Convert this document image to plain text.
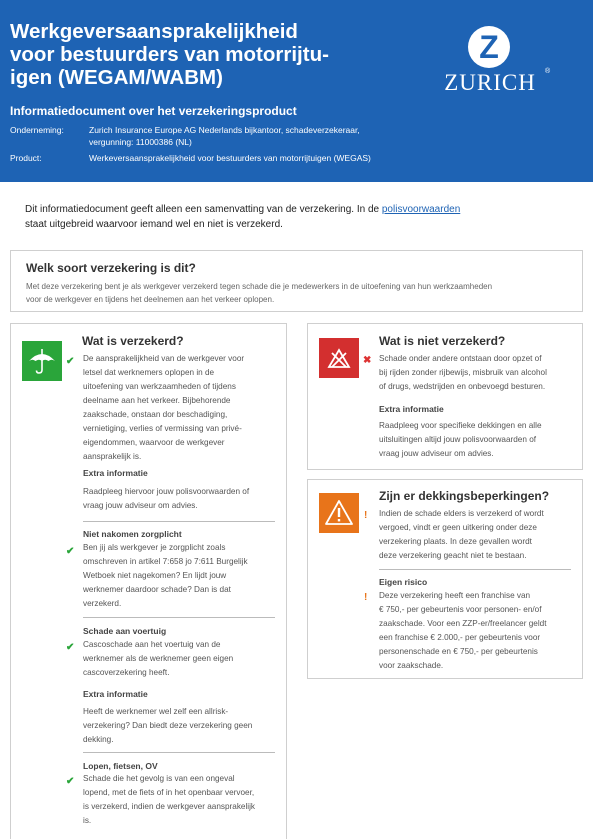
Werkgeversaansprakelijkheid
voor bestuurders van motorrijtu-
igen (WEGAM/WABM)
Informatiedocument over het verzekeringsproduct
Onderneming:	Zurich Insurance Europe AG Nederlands bijkantoor, schadeverzekeraar,
vergunning: 11000386 (NL)
Product:	Werkeversaansprakelijkheid voor bestuurders van motorrijtuigen (WEGAS)
Z
ZURICH	®
Dit informatiedocument geeft alleen een samenvatting van de verzekering. In de polisvoorwaarden
staat uitgebreid waarvoor iemand wel en niet is verzekerd.
Welk soort verzekering is dit?
Met deze verzekering bent je als werkgever verzekerd tegen schade die je medewerkers in de uitoefening van hun werkzaamheden
voor de werkgever en tijdens het deelnemen aan het verkeer oplopen.
Wat is verzekerd?
✔ De aansprakelijkheid van de werkgever voor
letsel dat werknemers oplopen in de
uitoefening van werkzaamheden of tijdens
deelname aan het verkeer. Bijbehorende
zaakschade, onstaan dor beschadiging,
vernietiging, verlies of vermissing van privé-
eigendommen, waarvoor de werkgever
aansprakelijk is.
Extra informatie
Raadpleeg hiervoor jouw polisvoorwaarden of
vraag jouw adviseur om advies.
Niet nakomen zorgplicht
✔ Ben jij als werkgever je zorgplicht zoals
omschreven in artikel 7:658 jo 7:611 Burgelijk
Wetboek niet nagekomen? En lijdt jouw
werknemer daardoor schade? Dan is dat
verzekerd.
Schade aan voertuig
✔ Cascoschade aan het voertuig van de
werknemer als de werknemer geen eigen
cascoverzekering heeft.
Extra informatie
Heeft de werknemer wel zelf een allrisk-
verzekering? Dan biedt deze verzekering geen
dekking.
Lopen, fietsen, OV
✔ Schade die het gevolg is van een ongeval
lopend, met de fiets of in het openbaar vervoer,
is verzekerd, indien de werkgever aansprakelijk
is.
Wat is niet verzekerd?
✖ Schade onder andere ontstaan door opzet of
bij rijden zonder rijbewijs, misbruik van alcohol
of drugs, wedstrijden en onbevoegd besturen.
Extra informatie
Raadpleeg voor specifieke dekkingen en alle
uitsluitingen altijd jouw polisvoorwaarden of
vraag jouw adviseur om advies.
Zijn er dekkingsbeperkingen?
! Indien de schade elders is verzekerd of wordt
vergoed, vindt er geen uitkering onder deze
verzekering plaats. In deze gevallen wordt
deze verzekering geacht niet te bestaan.
Eigen risico
! Deze verzekering heeft een franchise van
€ 750,- per gebeurtenis voor personen- en/of
zaakschade. Voor een ZZP-er/freelancer geldt
een franchise € 2.000,- per gebeurtenis voor
personenschade en € 750,- per gebeurtenis
voor zaakschade.
